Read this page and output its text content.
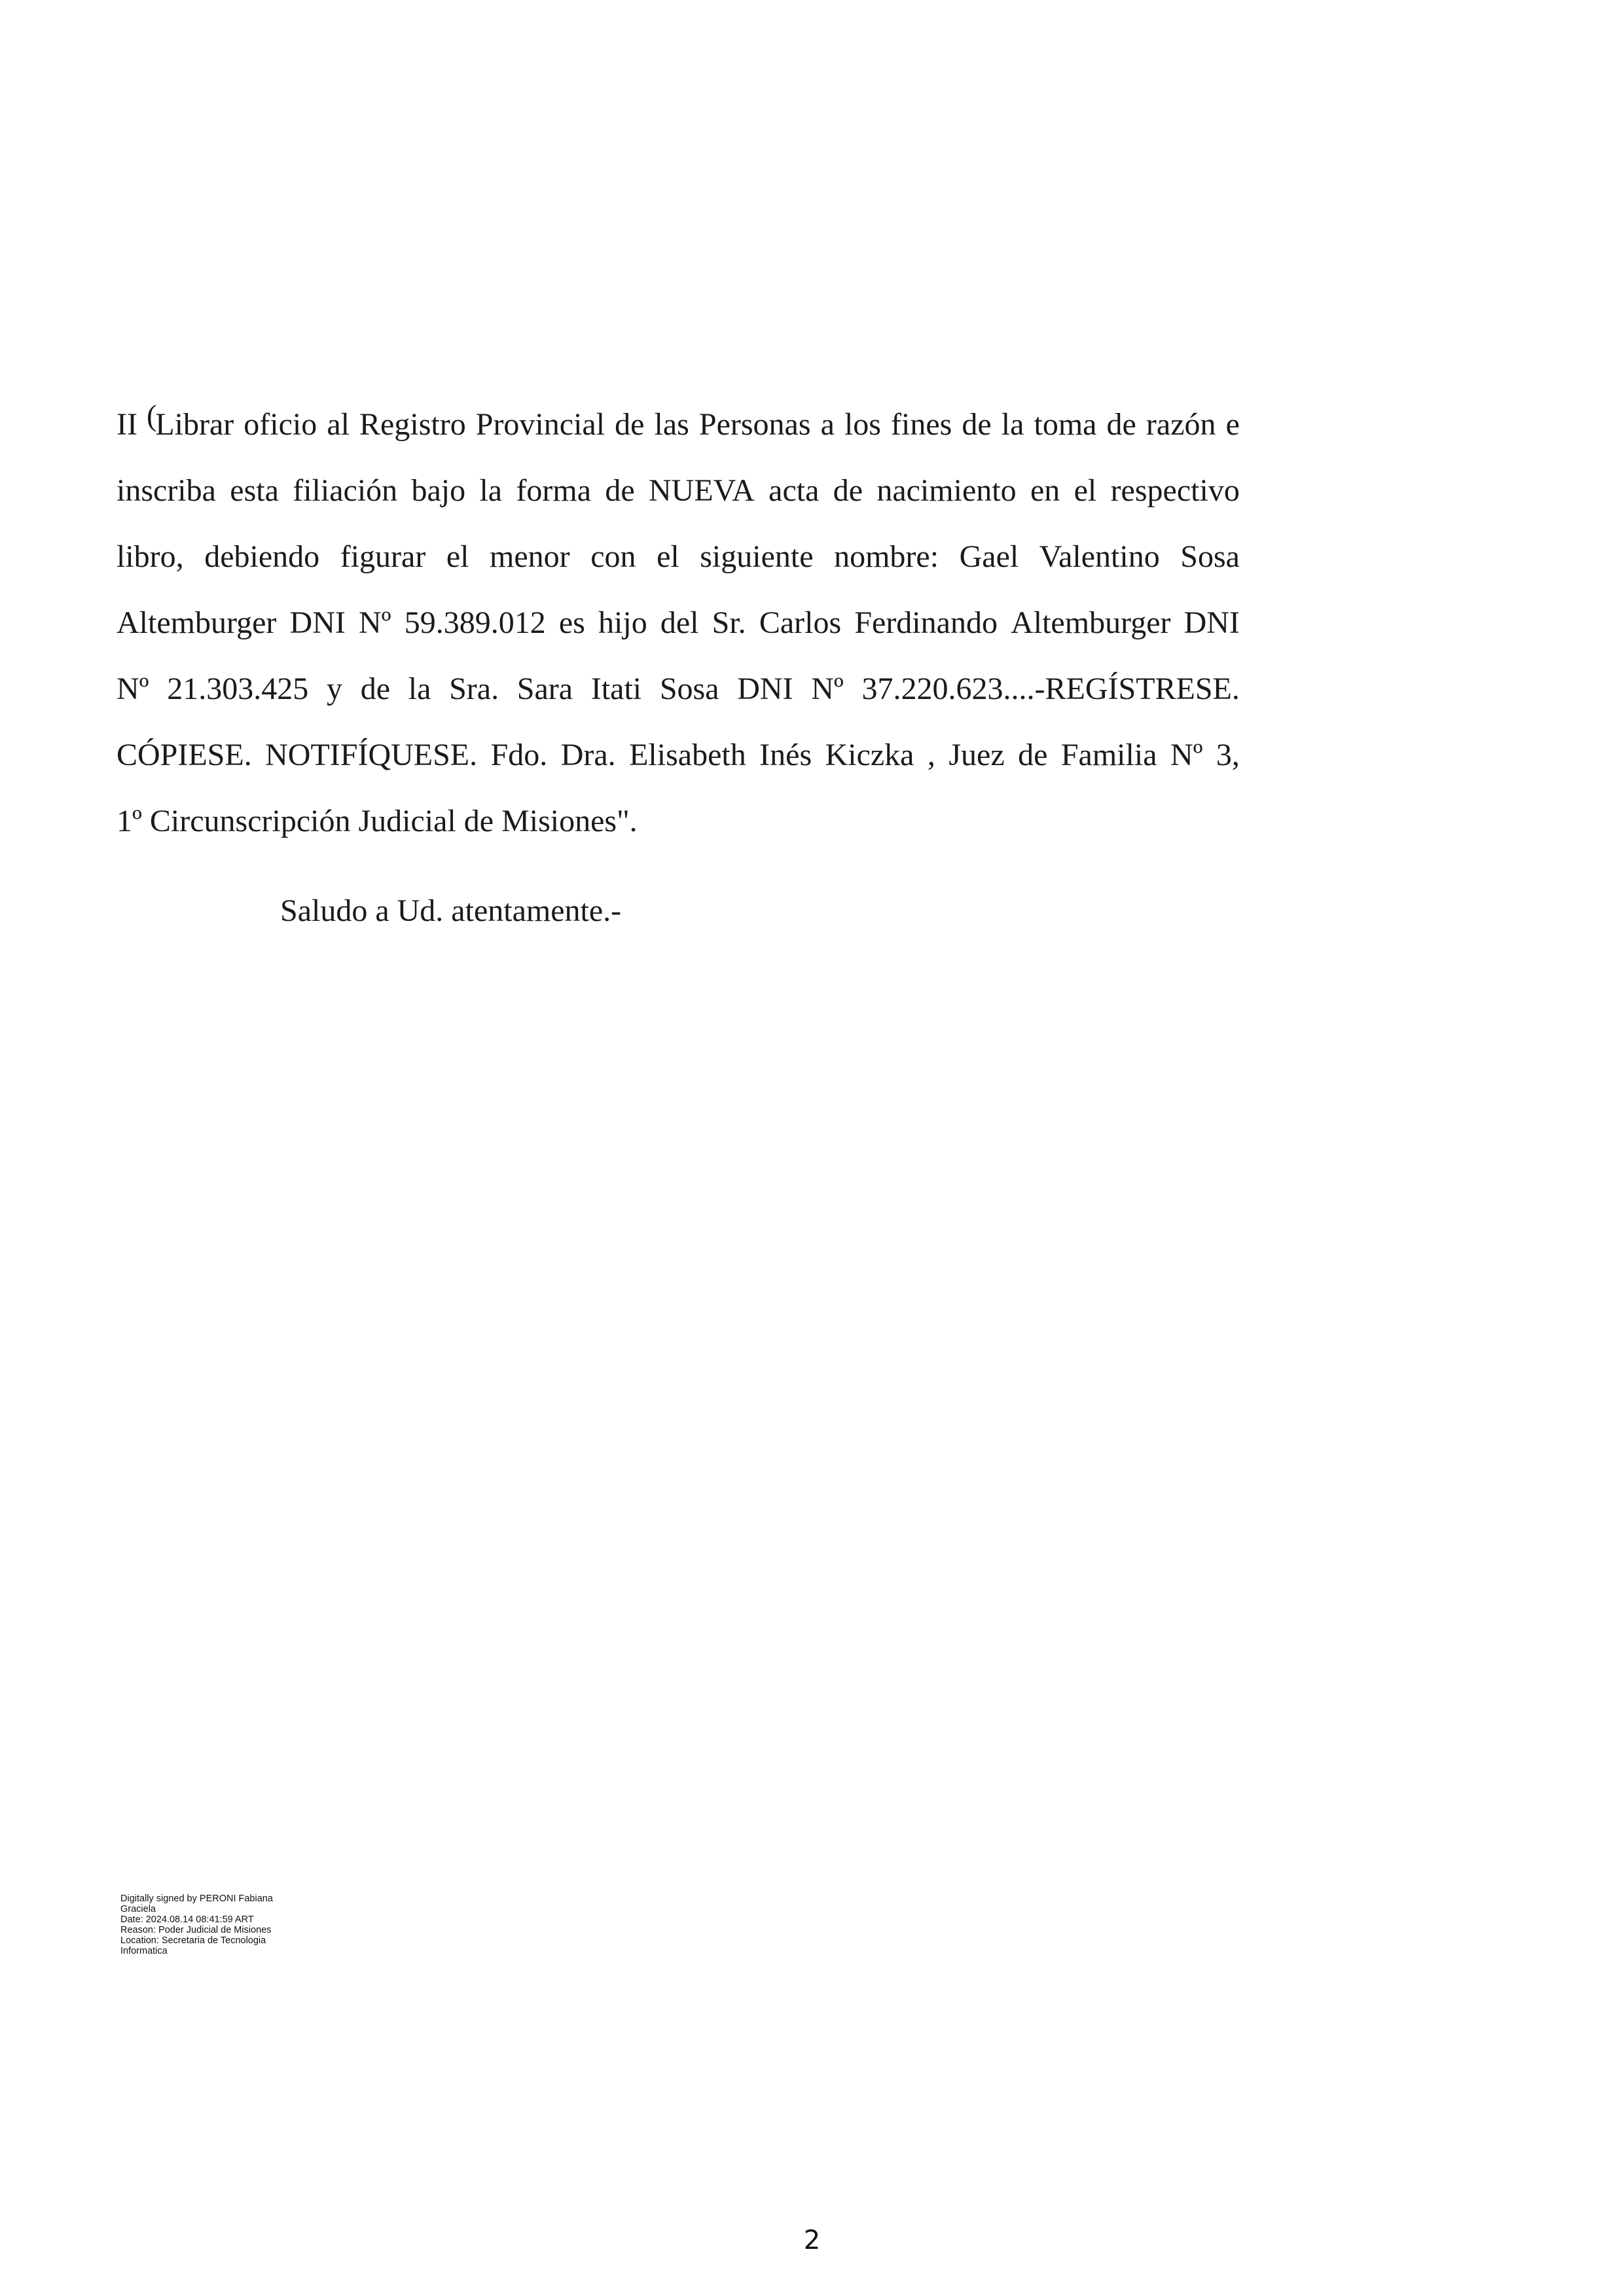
II (Librar oficio al Registro Provincial de las Personas a los fines de la toma de razón e
inscriba esta filiación bajo la forma de NUEVA acta de nacimiento en el respectivo
libro, debiendo figurar el menor con el siguiente nombre: Gael Valentino Sosa
Altemburger DNI Nº 59.389.012 es hijo del Sr. Carlos Ferdinando Altemburger DNI
Nº 21.303.425 y de la Sra. Sara Itati Sosa DNI Nº 37.220.623....-REGÍSTRESE.
CÓPIESE. NOTIFÍQUESE. Fdo. Dra. Elisabeth Inés Kiczka , Juez de Familia Nº 3,
1º Circunscripción Judicial de Misiones".
Saludo a Ud. atentamente.-
Digitally signed by PERONI Fabiana
Graciela
Date: 2024.08.14 08:41:59 ART
Reason: Poder Judicial de Misiones
Location: Secretaria de Tecnologia
Informatica
2
